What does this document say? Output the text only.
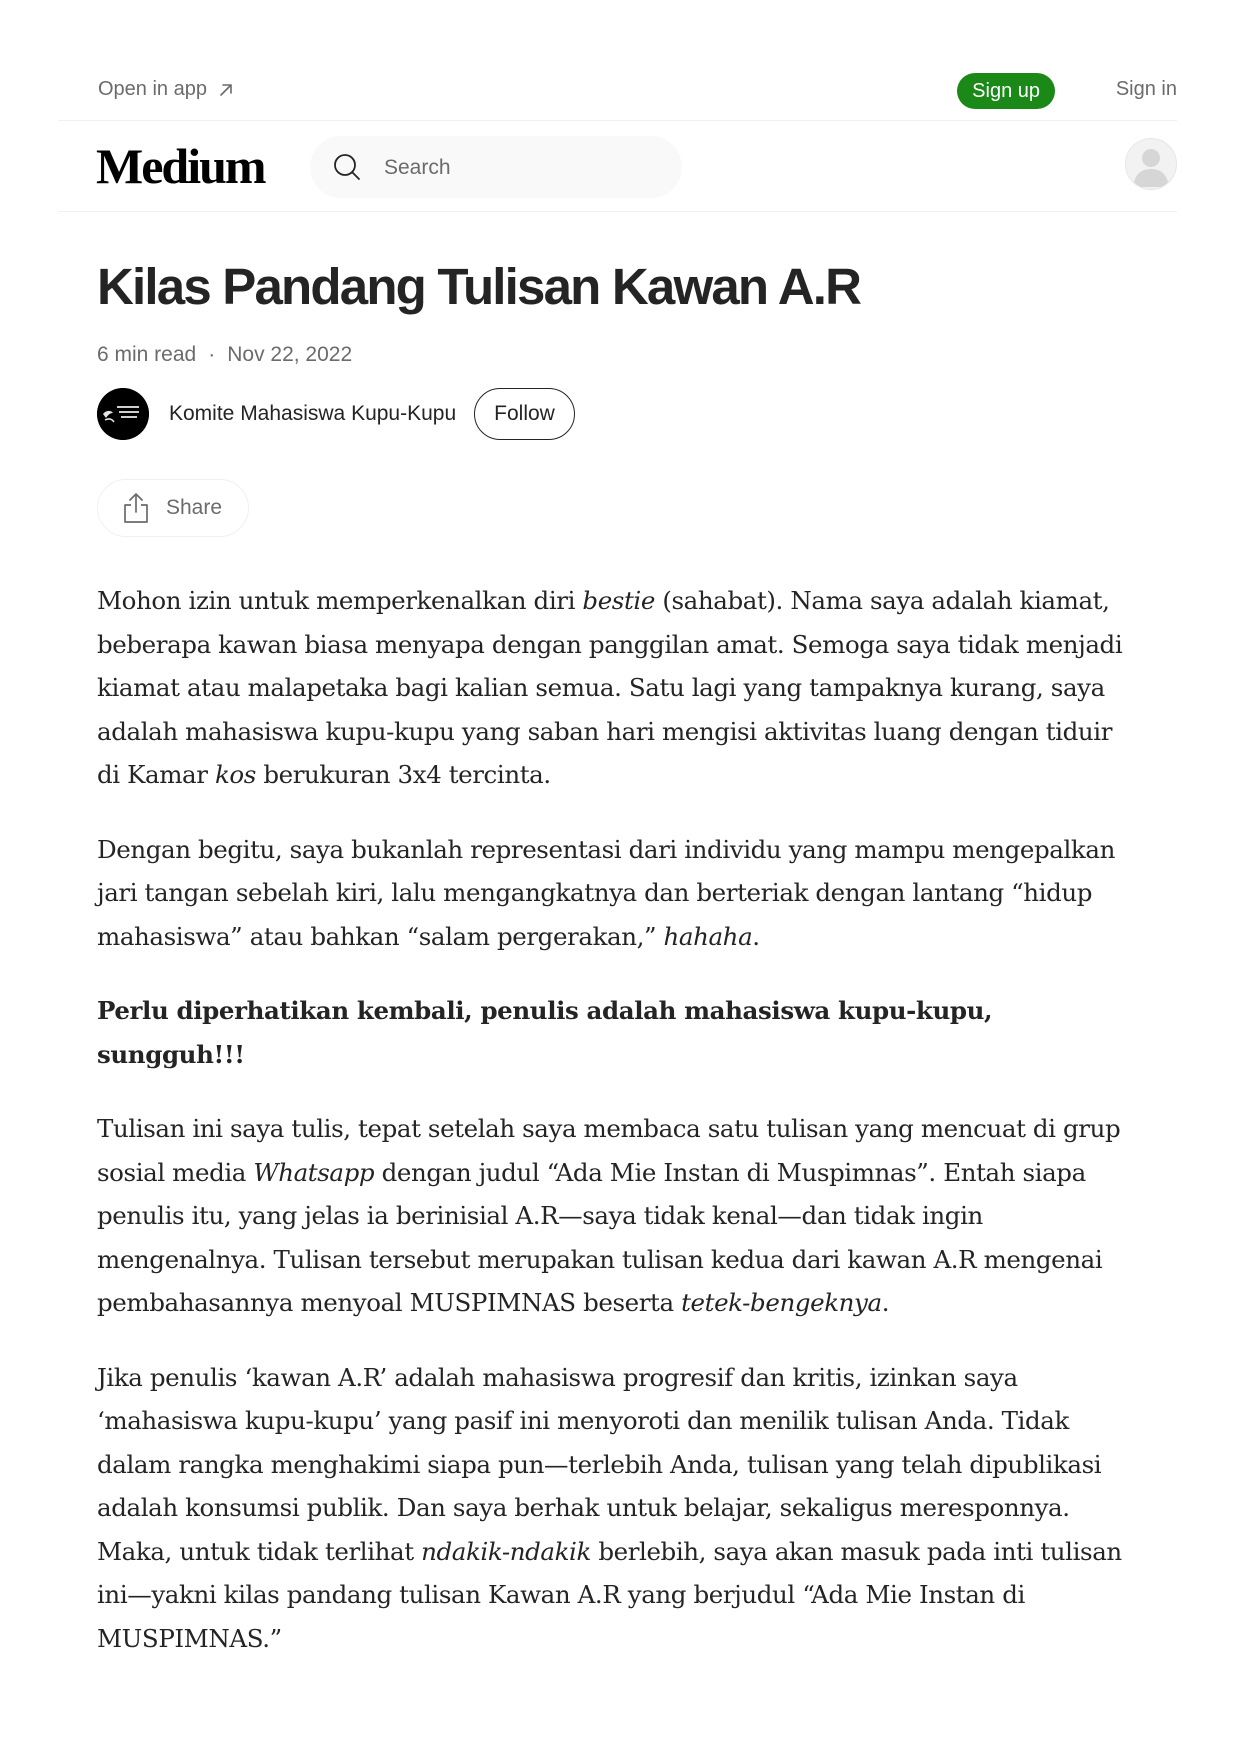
Open in app	Sign up	Sign in
Medium
Search
Kilas Pandang Tulisan Kawan A.R
6 min read · Nov 22, 2022
Komite Mahasiswa Kupu-Kupu	Follow
Share

Mohon izin untuk memperkenalkan diri bestie (sahabat). Nama saya adalah kiamat, beberapa kawan biasa menyapa dengan panggilan amat. Semoga saya tidak menjadi kiamat atau malapetaka bagi kalian semua. Satu lagi yang tampaknya kurang, saya adalah mahasiswa kupu-kupu yang saban hari mengisi aktivitas luang dengan tiduir di Kamar kos berukuran 3x4 tercinta.

Dengan begitu, saya bukanlah representasi dari individu yang mampu mengepalkan jari tangan sebelah kiri, lalu mengangkatnya dan berteriak dengan lantang “hidup mahasiswa” atau bahkan “salam pergerakan,” hahaha.

Perlu diperhatikan kembali, penulis adalah mahasiswa kupu-kupu, sungguh!!!

Tulisan ini saya tulis, tepat setelah saya membaca satu tulisan yang mencuat di grup sosial media Whatsapp dengan judul “Ada Mie Instan di Muspimnas”. Entah siapa penulis itu, yang jelas ia berinisial A.R—saya tidak kenal—dan tidak ingin mengenalnya. Tulisan tersebut merupakan tulisan kedua dari kawan A.R mengenai pembahasannya menyoal MUSPIMNAS beserta tetek-bengeknya.

Jika penulis ‘kawan A.R’ adalah mahasiswa progresif dan kritis, izinkan saya ‘mahasiswa kupu-kupu’ yang pasif ini menyoroti dan menilik tulisan Anda. Tidak dalam rangka menghakimi siapa pun—terlebih Anda, tulisan yang telah dipublikasi adalah konsumsi publik. Dan saya berhak untuk belajar, sekaligus meresponnya. Maka, untuk tidak terlihat ndakik-ndakik berlebih, saya akan masuk pada inti tulisan ini—yakni kilas pandang tulisan Kawan A.R yang berjudul “Ada Mie Instan di MUSPIMNAS.”
